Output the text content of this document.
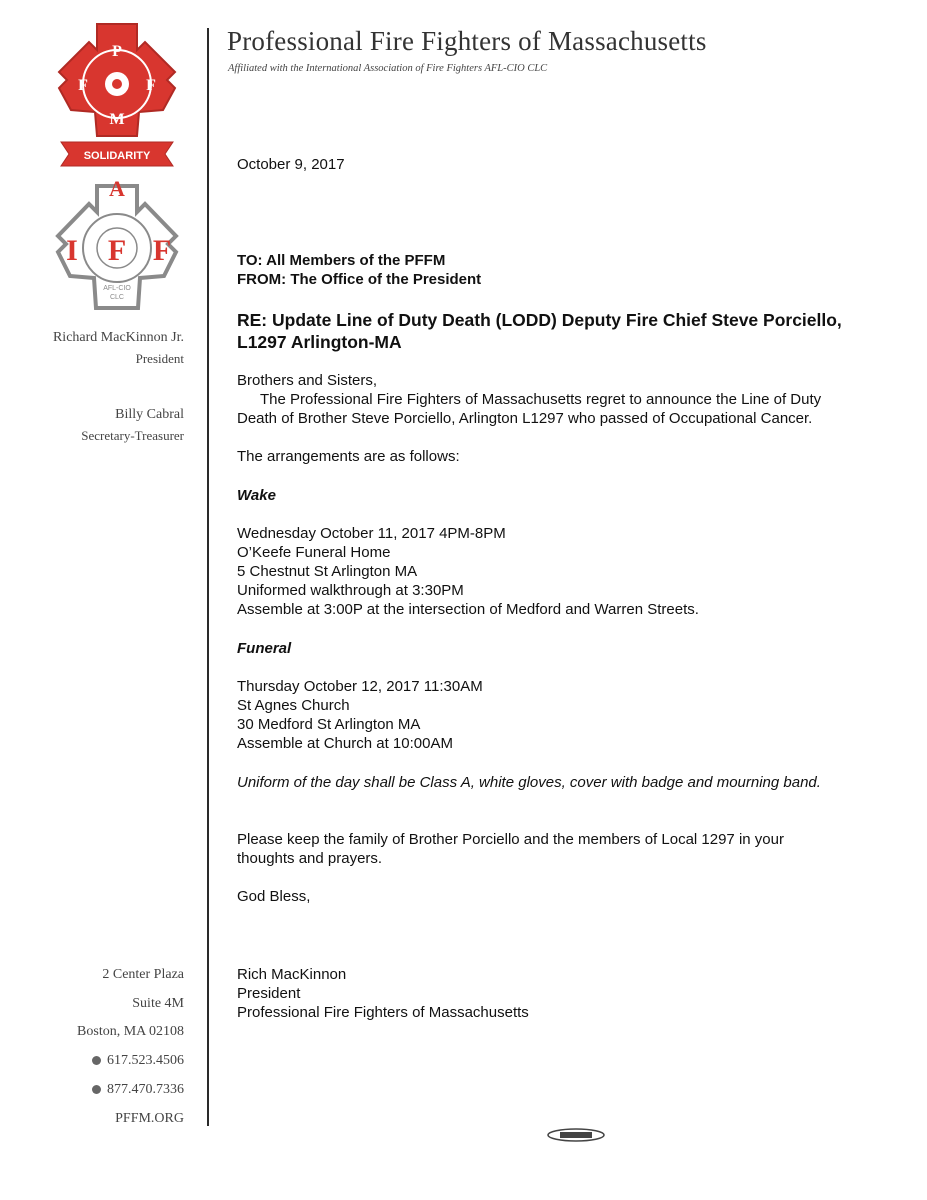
Professional Fire Fighters of Massachusetts
Affiliated with the International Association of Fire Fighters AFL-CIO CLC
P
F	F
M
SOLIDARITY
A
I F F
AFL-CIO
CLC
Richard MacKinnon Jr.
President
Billy Cabral
Secretary-Treasurer
2 Center Plaza
Suite 4M
Boston, MA 02108
617.523.4506
877.470.7336
PFFM.ORG
October 9, 2017
TO: All Members of the PFFM
FROM: The Office of the President
RE: Update Line of Duty Death (LODD) Deputy Fire Chief Steve Porciello,
L1297 Arlington-MA
Brothers and Sisters,
The Professional Fire Fighters of Massachusetts regret to announce the Line of Duty
Death of Brother Steve Porciello, Arlington L1297 who passed of Occupational Cancer.
The arrangements are as follows:
Wake
Wednesday October 11, 2017 4PM-8PM
O’Keefe Funeral Home
5 Chestnut St Arlington MA
Uniformed walkthrough at 3:30PM
Assemble at 3:00P at the intersection of Medford and Warren Streets.
Funeral
Thursday October 12, 2017 11:30AM
St Agnes Church
30 Medford St Arlington MA
Assemble at Church at 10:00AM
Uniform of the day shall be Class A, white gloves, cover with badge and mourning band.
Please keep the family of Brother Porciello and the members of Local 1297 in your
thoughts and prayers.
God Bless,
Rich MacKinnon
President
Professional Fire Fighters of Massachusetts
